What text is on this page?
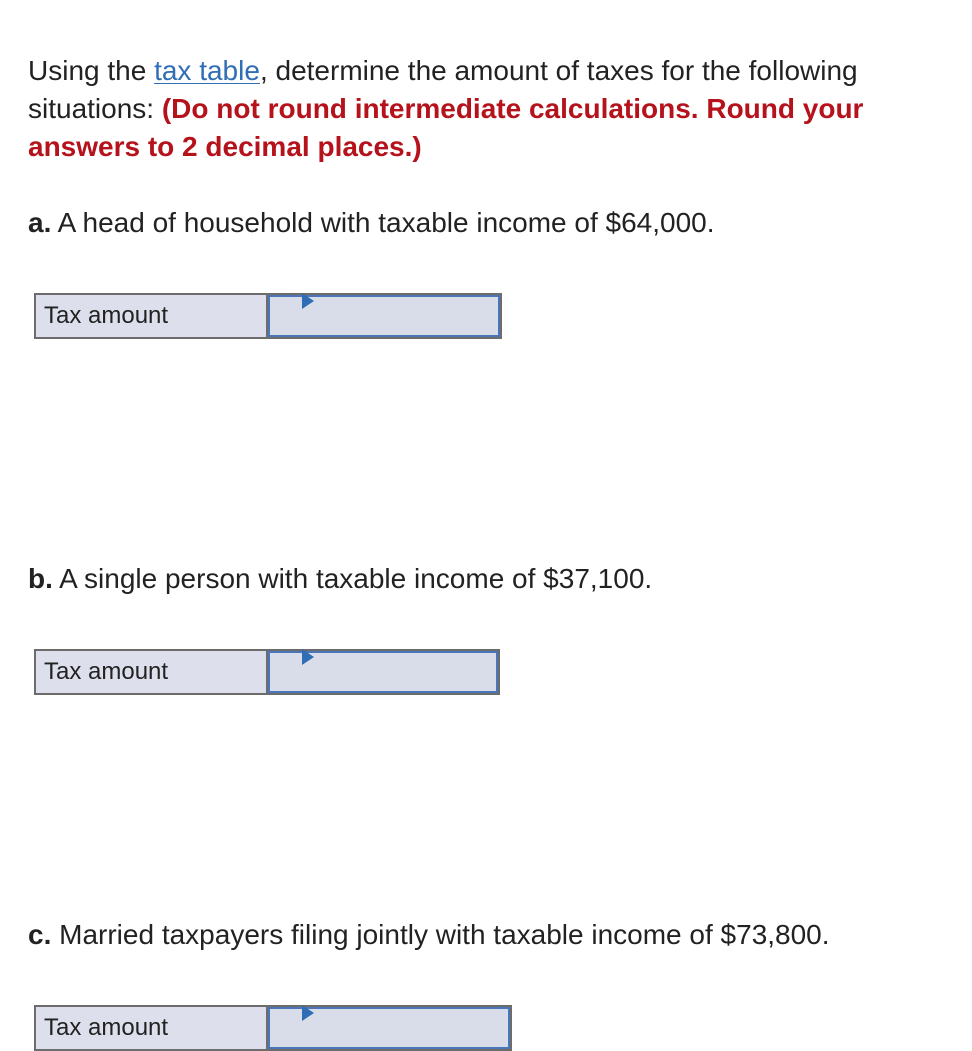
Using the tax table, determine the amount of taxes for the following situations: (Do not round intermediate calculations. Round your answers to 2 decimal places.)

a. A head of household with taxable income of $64,000.

Tax amount

b. A single person with taxable income of $37,100.

Tax amount

c. Married taxpayers filing jointly with taxable income of $73,800.

Tax amount
